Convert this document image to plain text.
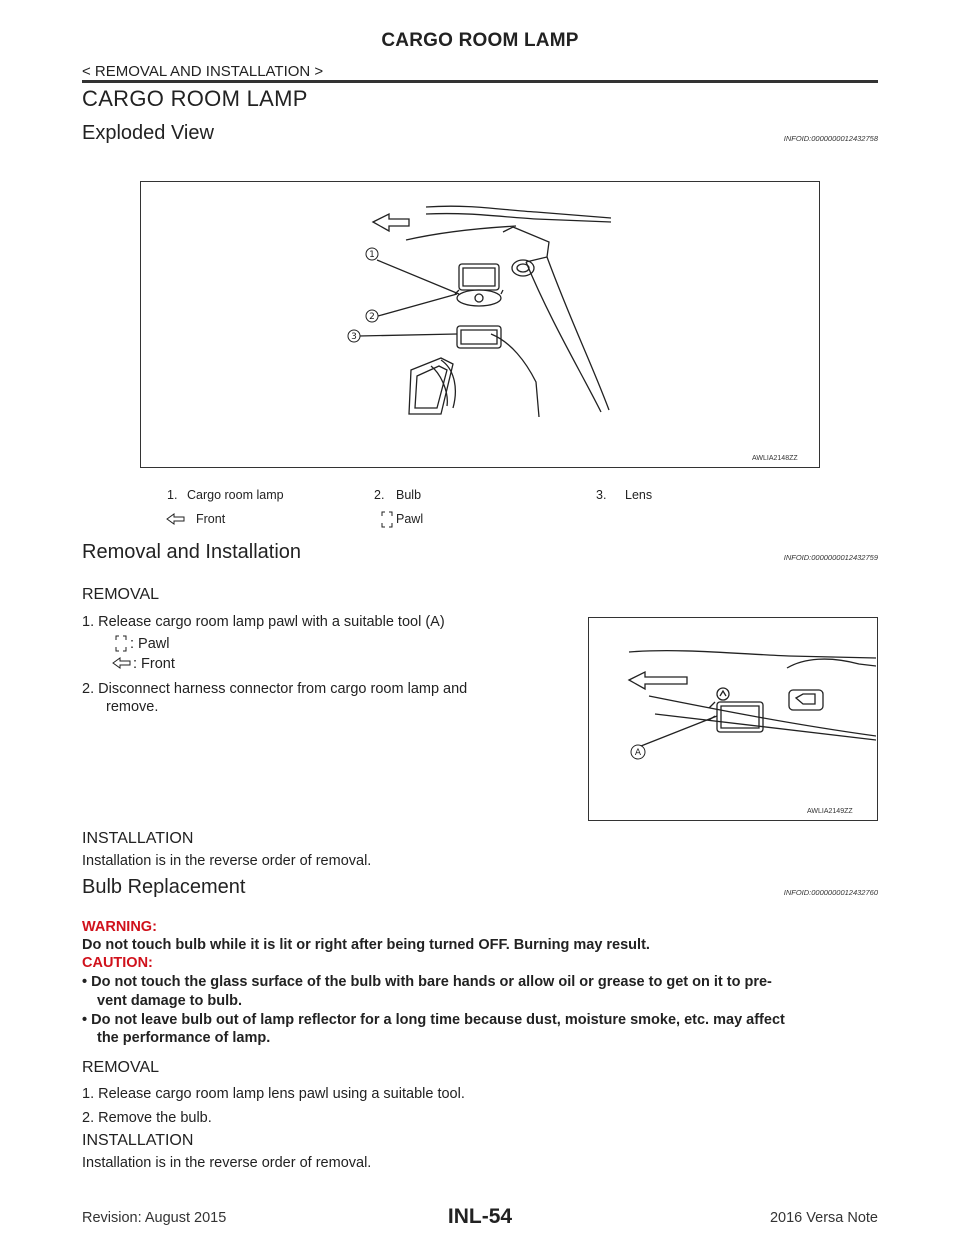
CARGO ROOM LAMP
< REMOVAL AND INSTALLATION >
CARGO ROOM LAMP
Exploded View	INFOID:0000000012432758
1
2
3
AWLIA2148ZZ
1. Cargo room lamp	2. Bulb	3. Lens
Front	Pawl
Removal and Installation	INFOID:0000000012432759
REMOVAL
1. Release cargo room lamp pawl with a suitable tool (A)
: Pawl
: Front
2. Disconnect harness connector from cargo room lamp and
remove.
A
AWLIA2149ZZ
INSTALLATION
Installation is in the reverse order of removal.
Bulb Replacement	INFOID:0000000012432760
WARNING:
Do not touch bulb while it is lit or right after being turned OFF. Burning may result.
CAUTION:
• Do not touch the glass surface of the bulb with bare hands or allow oil or grease to get on it to pre-
vent damage to bulb.
• Do not leave bulb out of lamp reflector for a long time because dust, moisture smoke, etc. may affect
the performance of lamp.
REMOVAL
1. Release cargo room lamp lens pawl using a suitable tool.
2. Remove the bulb.
INSTALLATION
Installation is in the reverse order of removal.
Revision: August 2015	INL-54	2016 Versa Note
